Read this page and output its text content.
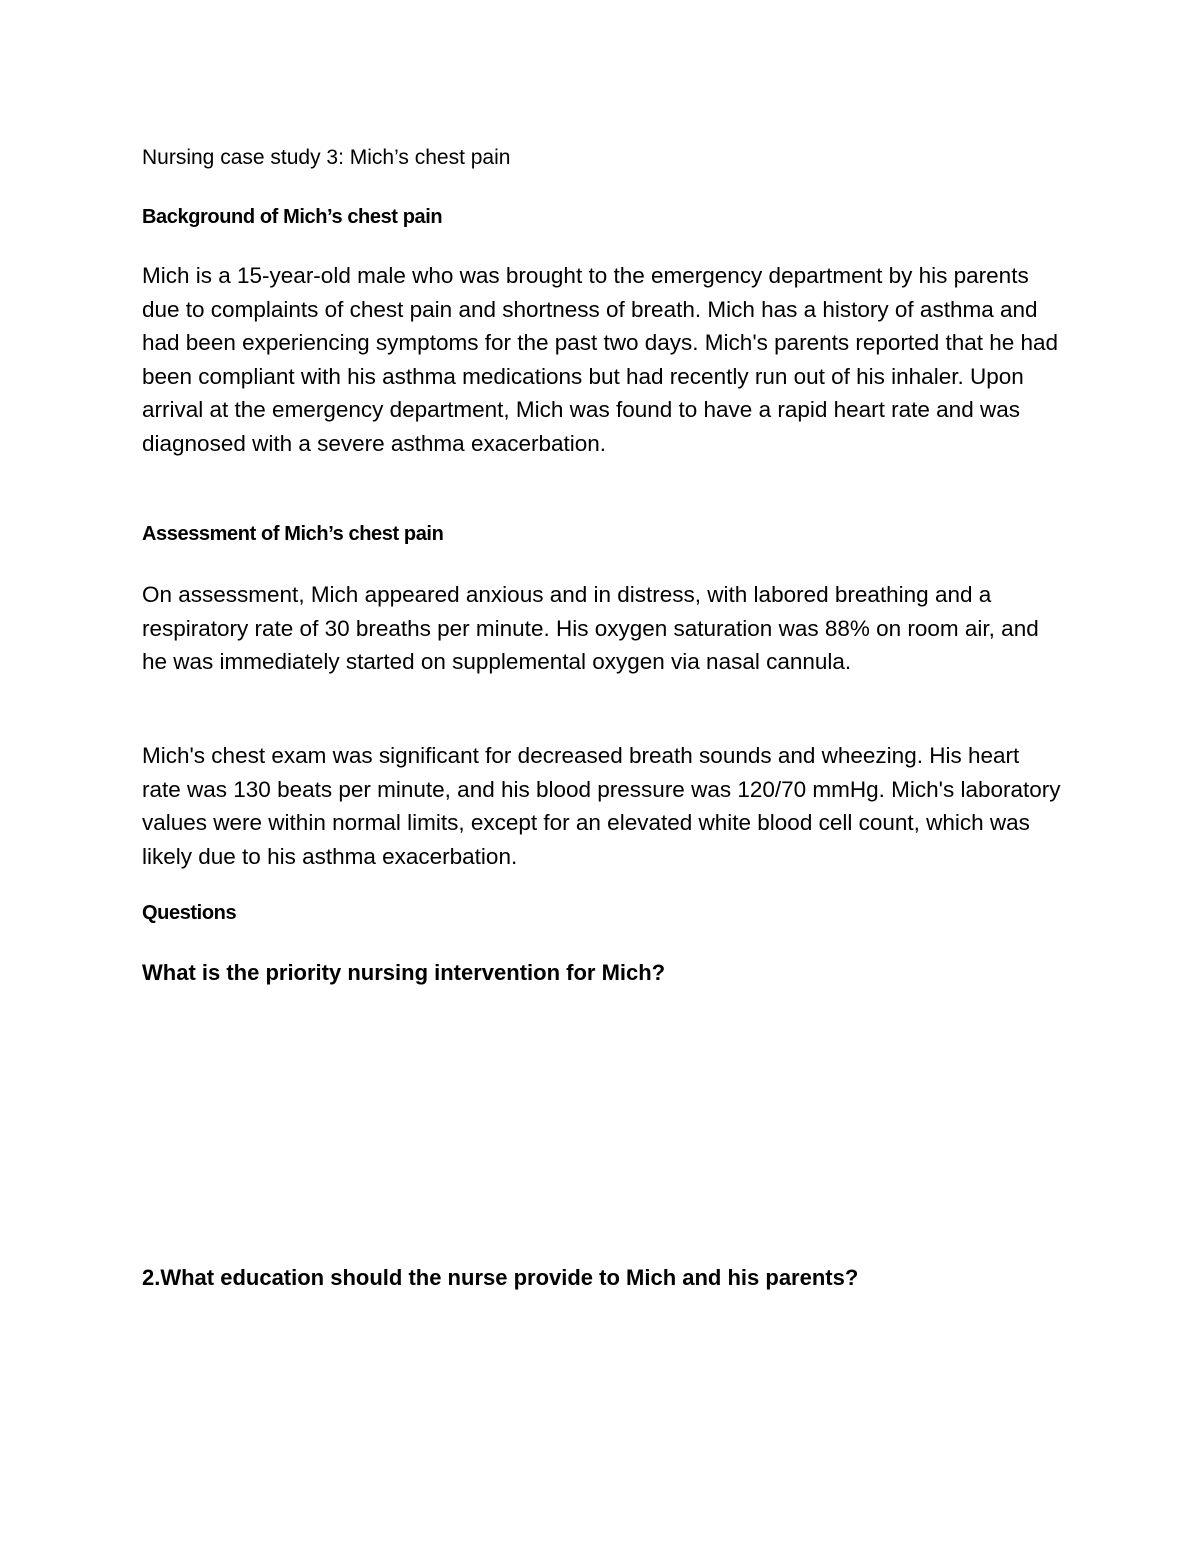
Nursing case study 3: Mich’s chest pain

Background of Mich’s chest pain

Mich is a 15-year-old male who was brought to the emergency department by his parents due to complaints of chest pain and shortness of breath. Mich has a history of asthma and had been experiencing symptoms for the past two days. Mich's parents reported that he had been compliant with his asthma medications but had recently run out of his inhaler. Upon arrival at the emergency department, Mich was found to have a rapid heart rate and was diagnosed with a severe asthma exacerbation.

Assessment of Mich’s chest pain

On assessment, Mich appeared anxious and in distress, with labored breathing and a respiratory rate of 30 breaths per minute. His oxygen saturation was 88% on room air, and he was immediately started on supplemental oxygen via nasal cannula.

Mich's chest exam was significant for decreased breath sounds and wheezing. His heart rate was 130 beats per minute, and his blood pressure was 120/70 mmHg. Mich's laboratory values were within normal limits, except for an elevated white blood cell count, which was likely due to his asthma exacerbation.

Questions

What is the priority nursing intervention for Mich?

2.What education should the nurse provide to Mich and his parents?
